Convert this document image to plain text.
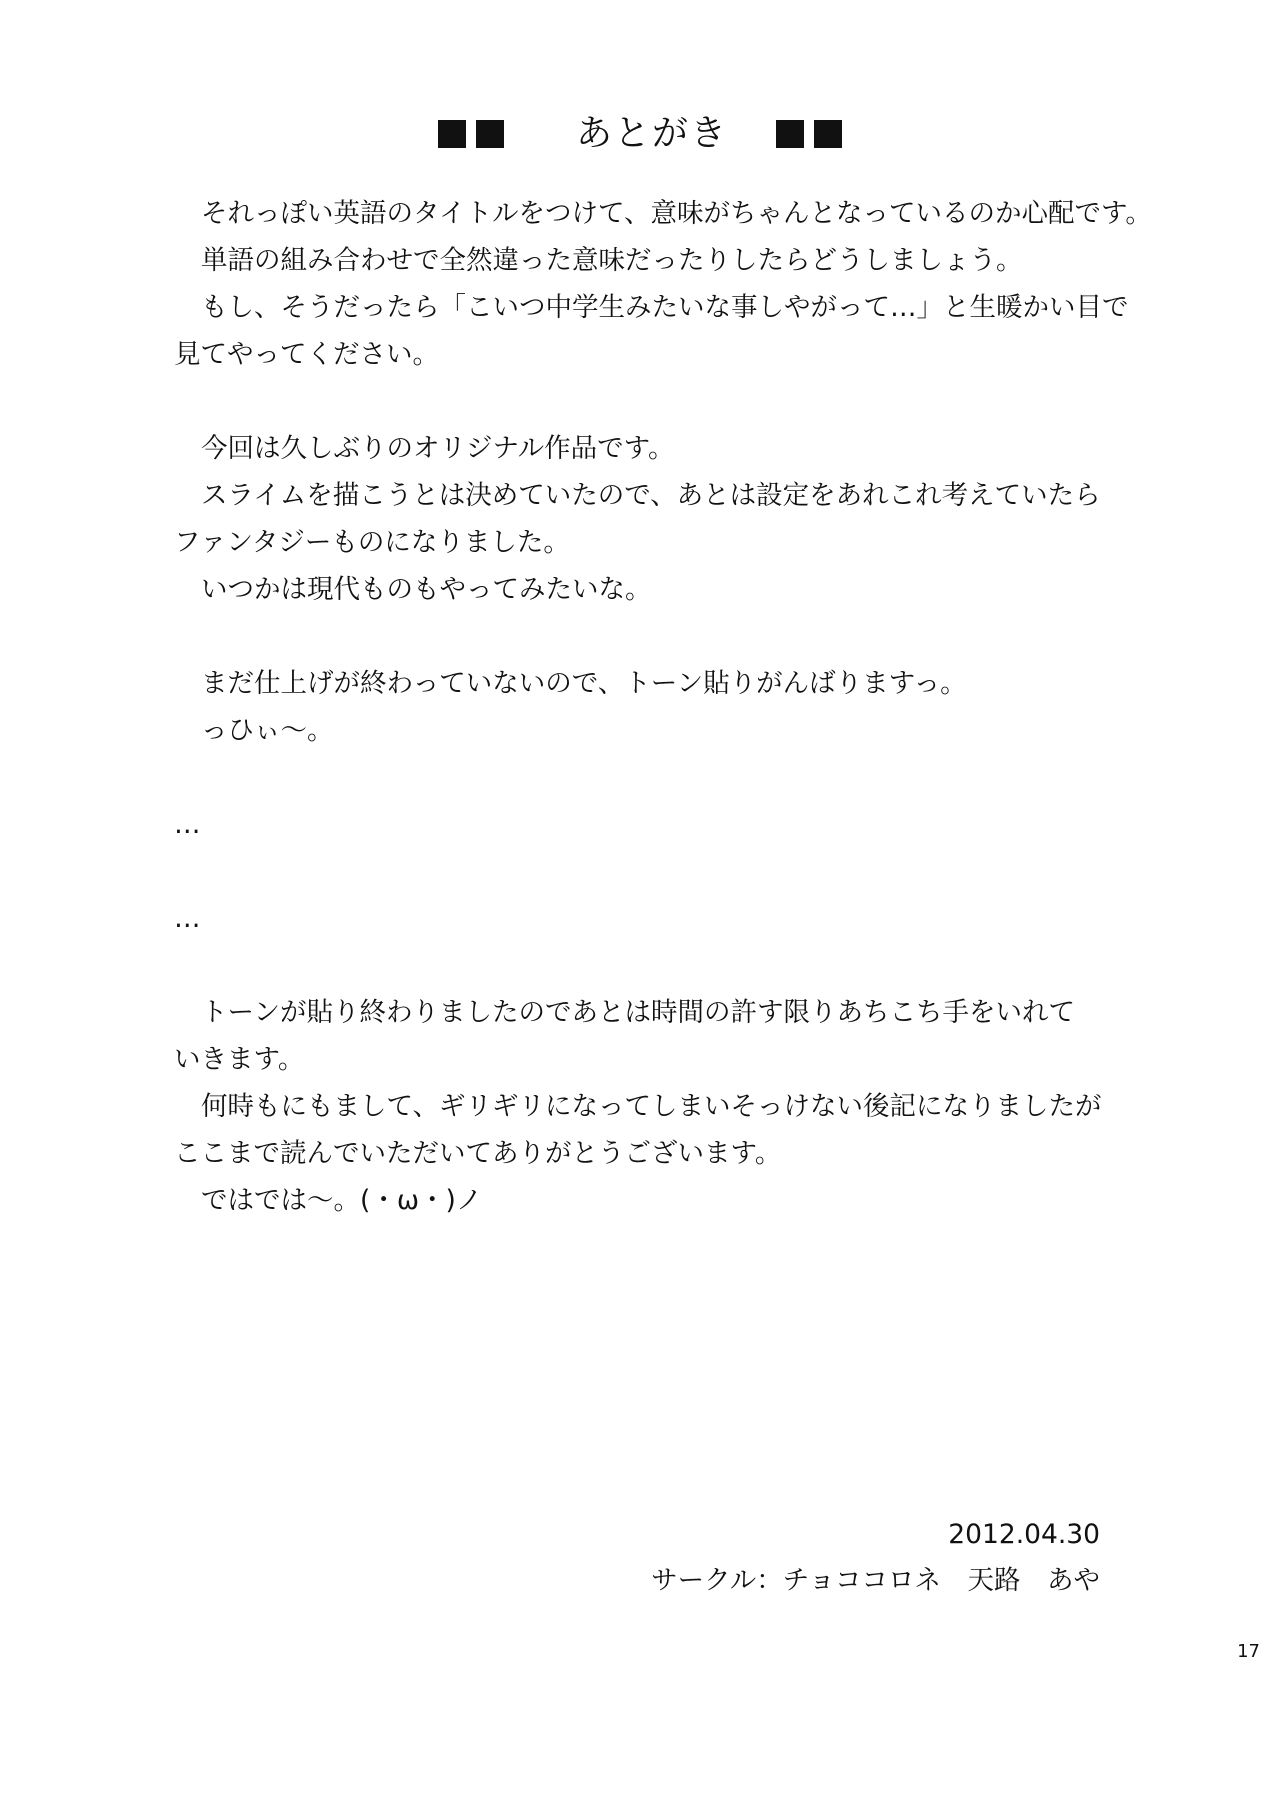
あとがき
それっぽい英語のタイトルをつけて、意味がちゃんとなっているのか心配です。
単語の組み合わせで全然違った意味だったりしたらどうしましょう。
もし、そうだったら「こいつ中学生みたいな事しやがって…」と生暖かい目で
見てやってください。
今回は久しぶりのオリジナル作品です。
スライムを描こうとは決めていたので、あとは設定をあれこれ考えていたら
ファンタジーものになりました。
いつかは現代ものもやってみたいな。
まだ仕上げが終わっていないので、トーン貼りがんばりますっ。
っひぃ～。
…
…
トーンが貼り終わりましたのであとは時間の許す限りあちこち手をいれて
いきます。
何時もにもまして、ギリギリになってしまいそっけない後記になりましたが
ここまで読んでいただいてありがとうございます。
ではでは～。(・ω・)ノ
2012.04.30
サークル：チョココロネ　天路　あや
17
